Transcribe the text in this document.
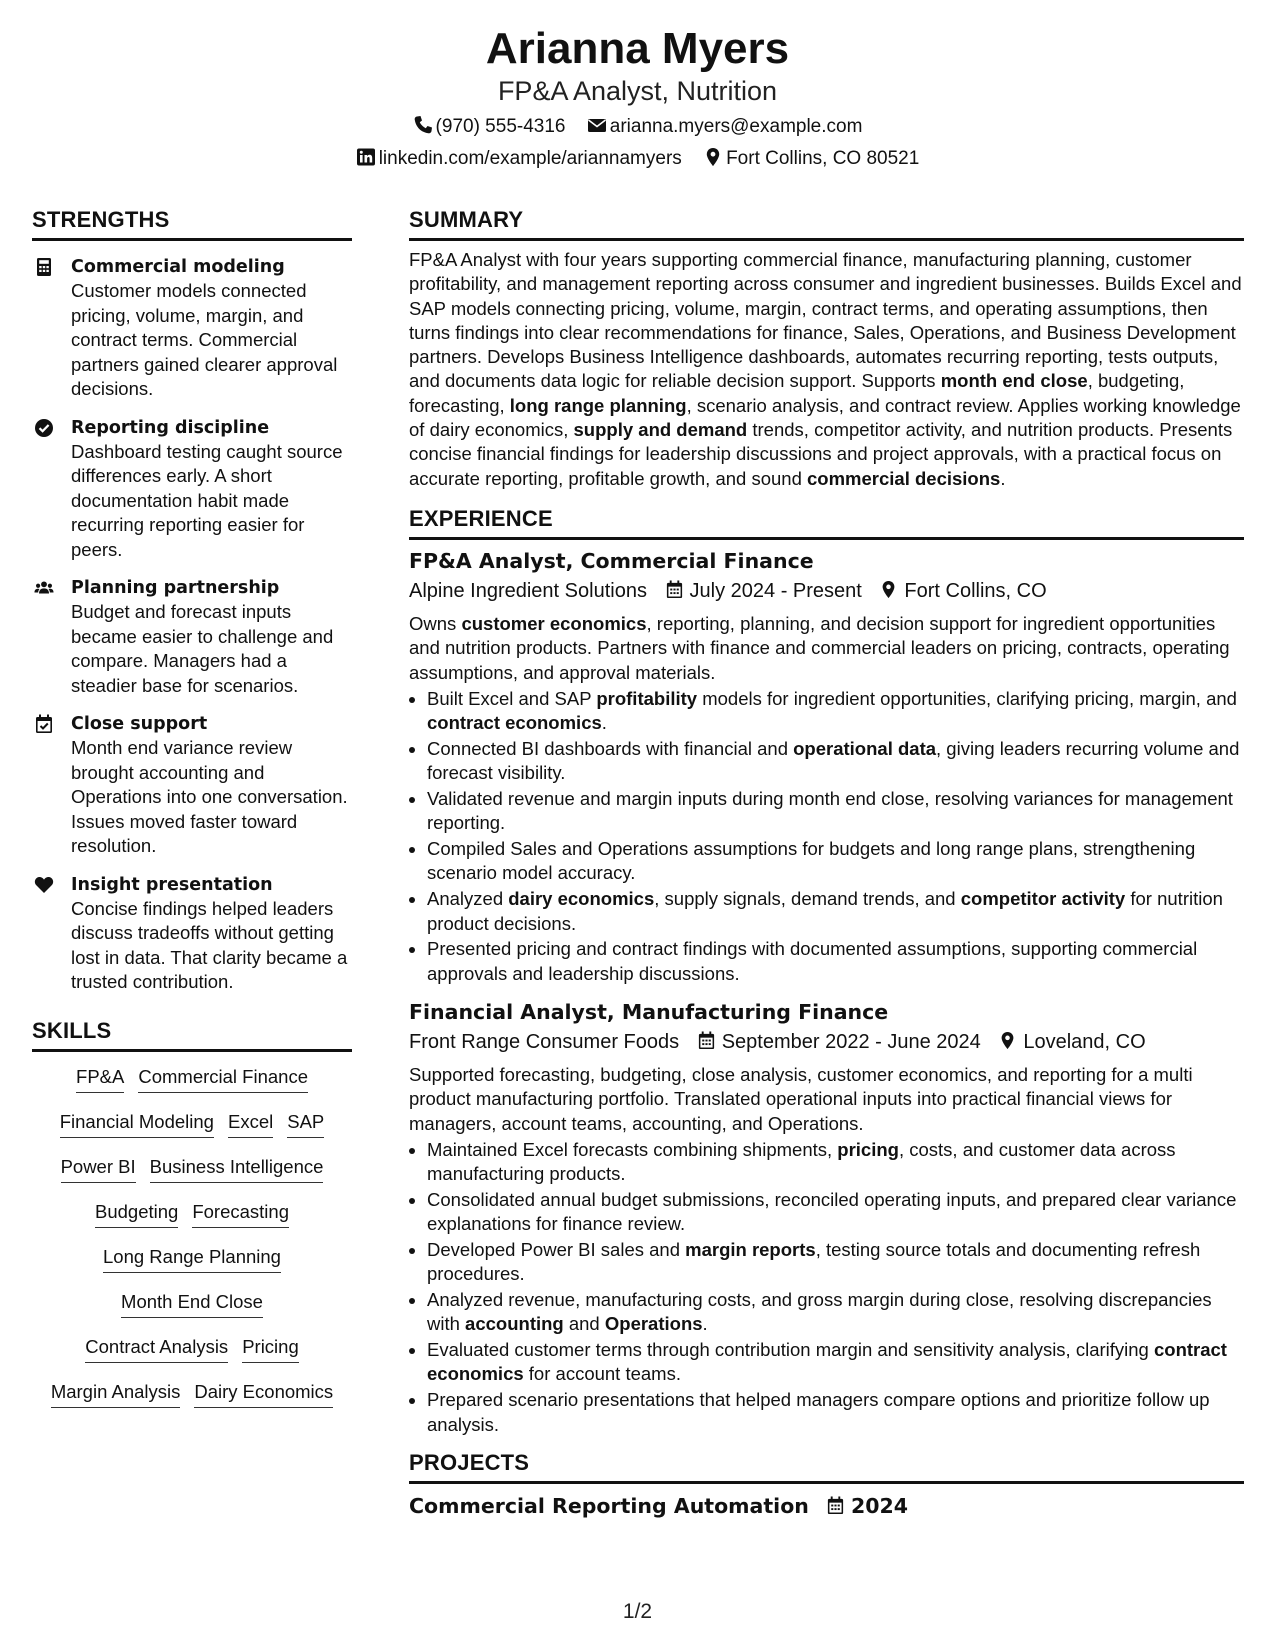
Arianna Myers
FP&A Analyst, Nutrition
(970) 555-4316 arianna.myers@example.com
linkedin.com/example/ariannamyers Fort Collins, CO 80521
STRENGTHS
Commercial modeling
Customer models connected pricing, volume, margin, and contract terms. Commercial partners gained clearer approval decisions.
Reporting discipline
Dashboard testing caught source differences early. A short documentation habit made recurring reporting easier for peers.
Planning partnership
Budget and forecast inputs became easier to challenge and compare. Managers had a steadier base for scenarios.
Close support
Month end variance review brought accounting and Operations into one conversation. Issues moved faster toward resolution.
Insight presentation
Concise findings helped leaders discuss tradeoffs without getting lost in data. That clarity became a trusted contribution.
SKILLS
FP&A Commercial Finance
Financial Modeling Excel SAP
Power BI Business Intelligence
Budgeting Forecasting
Long Range Planning
Month End Close
Contract Analysis Pricing
Margin Analysis Dairy Economics
SUMMARY
FP&A Analyst with four years supporting commercial finance, manufacturing planning, customer profitability, and management reporting across consumer and ingredient businesses. Builds Excel and SAP models connecting pricing, volume, margin, contract terms, and operating assumptions, then turns findings into clear recommendations for finance, Sales, Operations, and Business Development partners. Develops Business Intelligence dashboards, automates recurring reporting, tests outputs, and documents data logic for reliable decision support. Supports month end close, budgeting, forecasting, long range planning, scenario analysis, and contract review. Applies working knowledge of dairy economics, supply and demand trends, competitor activity, and nutrition products. Presents concise financial findings for leadership discussions and project approvals, with a practical focus on accurate reporting, profitable growth, and sound commercial decisions.
EXPERIENCE
FP&A Analyst, Commercial Finance
Alpine Ingredient Solutions July 2024 - Present Fort Collins, CO
Owns customer economics, reporting, planning, and decision support for ingredient opportunities and nutrition products. Partners with finance and commercial leaders on pricing, contracts, operating assumptions, and approval materials.
• Built Excel and SAP profitability models for ingredient opportunities, clarifying pricing, margin, and contract economics.
• Connected BI dashboards with financial and operational data, giving leaders recurring volume and forecast visibility.
• Validated revenue and margin inputs during month end close, resolving variances for management reporting.
• Compiled Sales and Operations assumptions for budgets and long range plans, strengthening scenario model accuracy.
• Analyzed dairy economics, supply signals, demand trends, and competitor activity for nutrition product decisions.
• Presented pricing and contract findings with documented assumptions, supporting commercial approvals and leadership discussions.
Financial Analyst, Manufacturing Finance
Front Range Consumer Foods September 2022 - June 2024 Loveland, CO
Supported forecasting, budgeting, close analysis, customer economics, and reporting for a multi product manufacturing portfolio. Translated operational inputs into practical financial views for managers, account teams, accounting, and Operations.
• Maintained Excel forecasts combining shipments, pricing, costs, and customer data across manufacturing products.
• Consolidated annual budget submissions, reconciled operating inputs, and prepared clear variance explanations for finance review.
• Developed Power BI sales and margin reports, testing source totals and documenting refresh procedures.
• Analyzed revenue, manufacturing costs, and gross margin during close, resolving discrepancies with accounting and Operations.
• Evaluated customer terms through contribution margin and sensitivity analysis, clarifying contract economics for account teams.
• Prepared scenario presentations that helped managers compare options and prioritize follow up analysis.
PROJECTS
Commercial Reporting Automation 2024
1/2
